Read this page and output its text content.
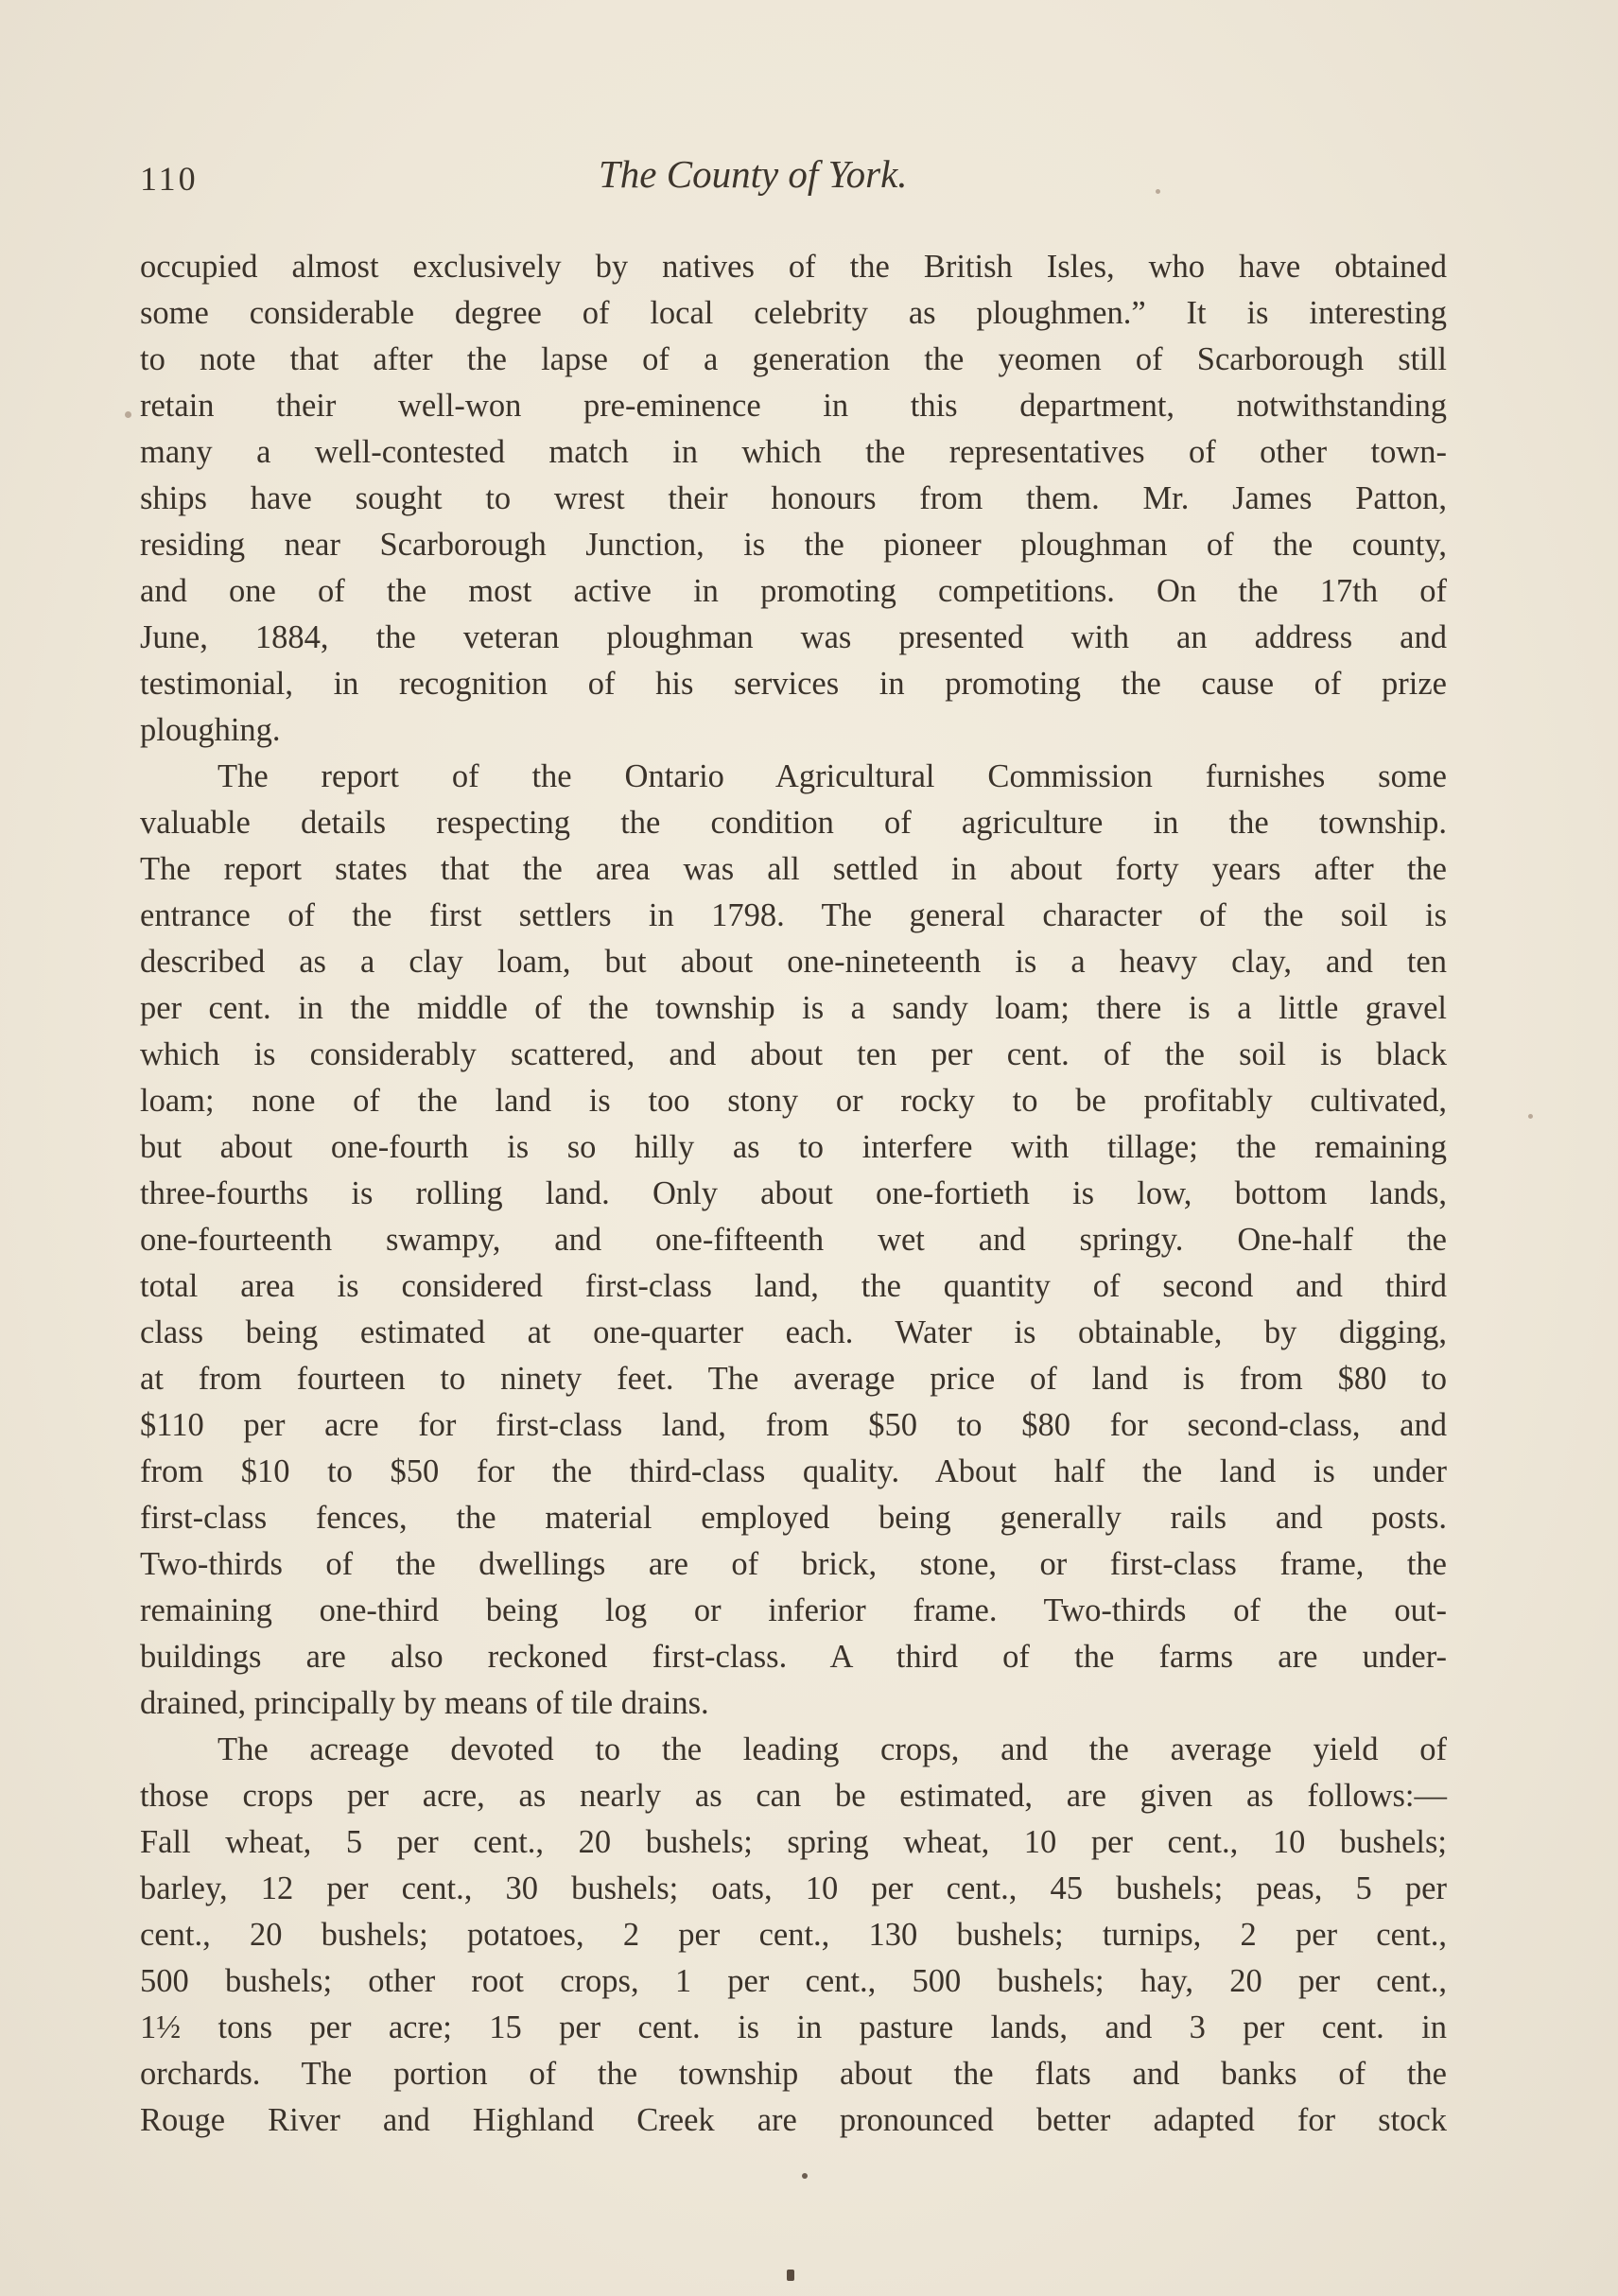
110	The County of York.
occupied almost exclusively by natives of the British Isles, who have obtained
some considerable degree of local celebrity as ploughmen.” It is interesting
to note that after the lapse of a generation the yeomen of Scarborough still
retain their well-won pre-eminence in this department, notwithstanding
many a well-contested match in which the representatives of other town-
ships have sought to wrest their honours from them. Mr. James Patton,
residing near Scarborough Junction, is the pioneer ploughman of the county,
and one of the most active in promoting competitions. On the 17th of
June, 1884, the veteran ploughman was presented with an address and
testimonial, in recognition of his services in promoting the cause of prize
ploughing.
The report of the Ontario Agricultural Commission furnishes some
valuable details respecting the condition of agriculture in the township.
The report states that the area was all settled in about forty years after the
entrance of the first settlers in 1798. The general character of the soil is
described as a clay loam, but about one-nineteenth is a heavy clay, and ten
per cent. in the middle of the township is a sandy loam; there is a little gravel
which is considerably scattered, and about ten per cent. of the soil is black
loam; none of the land is too stony or rocky to be profitably cultivated,
but about one-fourth is so hilly as to interfere with tillage; the remaining
three-fourths is rolling land. Only about one-fortieth is low, bottom lands,
one-fourteenth swampy, and one-fifteenth wet and springy. One-half the
total area is considered first-class land, the quantity of second and third
class being estimated at one-quarter each. Water is obtainable, by digging,
at from fourteen to ninety feet. The average price of land is from $80 to
$110 per acre for first-class land, from $50 to $80 for second-class, and
from $10 to $50 for the third-class quality. About half the land is under
first-class fences, the material employed being generally rails and posts.
Two-thirds of the dwellings are of brick, stone, or first-class frame, the
remaining one-third being log or inferior frame. Two-thirds of the out-
buildings are also reckoned first-class. A third of the farms are under-
drained, principally by means of tile drains.
The acreage devoted to the leading crops, and the average yield of
those crops per acre, as nearly as can be estimated, are given as follows:—
Fall wheat, 5 per cent., 20 bushels; spring wheat, 10 per cent., 10 bushels;
barley, 12 per cent., 30 bushels; oats, 10 per cent., 45 bushels; peas, 5 per
cent., 20 bushels; potatoes, 2 per cent., 130 bushels; turnips, 2 per cent.,
500 bushels; other root crops, 1 per cent., 500 bushels; hay, 20 per cent.,
1½ tons per acre; 15 per cent. is in pasture lands, and 3 per cent. in
orchards. The portion of the township about the flats and banks of the
Rouge River and Highland Creek are pronounced better adapted for stock
